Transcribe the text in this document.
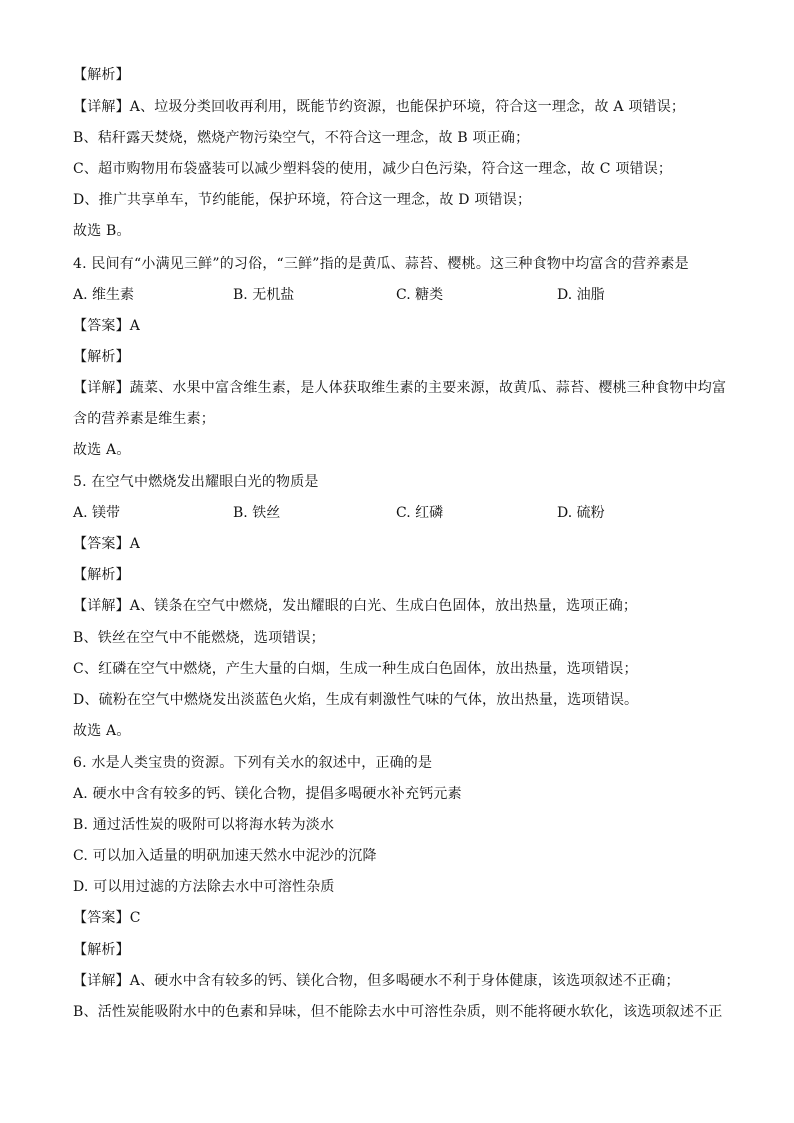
【解析】
【详解】A、垃圾分类回收再利用，既能节约资源，也能保护环境，符合这一理念，故 A 项错误；
B、秸秆露天焚烧，燃烧产物污染空气，不符合这一理念，故 B 项正确；
C、超市购物用布袋盛装可以减少塑料袋的使用，减少白色污染，符合这一理念，故 C 项错误；
D、推广共享单车，节约能能，保护环境，符合这一理念，故 D 项错误；
故选 B。
4. 民间有“小满见三鲜”的习俗，“三鲜”指的是黄瓜、蒜苔、樱桃。这三种食物中均富含的营养素是
A. 维生素	B. 无机盐	C. 糖类	D. 油脂
【答案】A
【解析】
【详解】蔬菜、水果中富含维生素，是人体获取维生素的主要来源，故黄瓜、蒜苔、樱桃三种食物中均富
含的营养素是维生素；
故选 A。
5. 在空气中燃烧发出耀眼白光的物质是
A. 镁带	B. 铁丝	C. 红磷	D. 硫粉
【答案】A
【解析】
【详解】A、镁条在空气中燃烧，发出耀眼的白光、生成白色固体，放出热量，选项正确；
B、铁丝在空气中不能燃烧，选项错误；
C、红磷在空气中燃烧，产生大量的白烟，生成一种生成白色固体，放出热量，选项错误；
D、硫粉在空气中燃烧发出淡蓝色火焰，生成有刺激性气味的气体，放出热量，选项错误。
故选 A。
6. 水是人类宝贵的资源。下列有关水的叙述中，正确的是
A. 硬水中含有较多的钙、镁化合物，提倡多喝硬水补充钙元素
B. 通过活性炭的吸附可以将海水转为淡水
C. 可以加入适量的明矾加速天然水中泥沙的沉降
D. 可以用过滤的方法除去水中可溶性杂质
【答案】C
【解析】
【详解】A、硬水中含有较多的钙、镁化合物，但多喝硬水不利于身体健康，该选项叙述不正确；
B、活性炭能吸附水中的色素和异味，但不能除去水中可溶性杂质，则不能将硬水软化，该选项叙述不正
